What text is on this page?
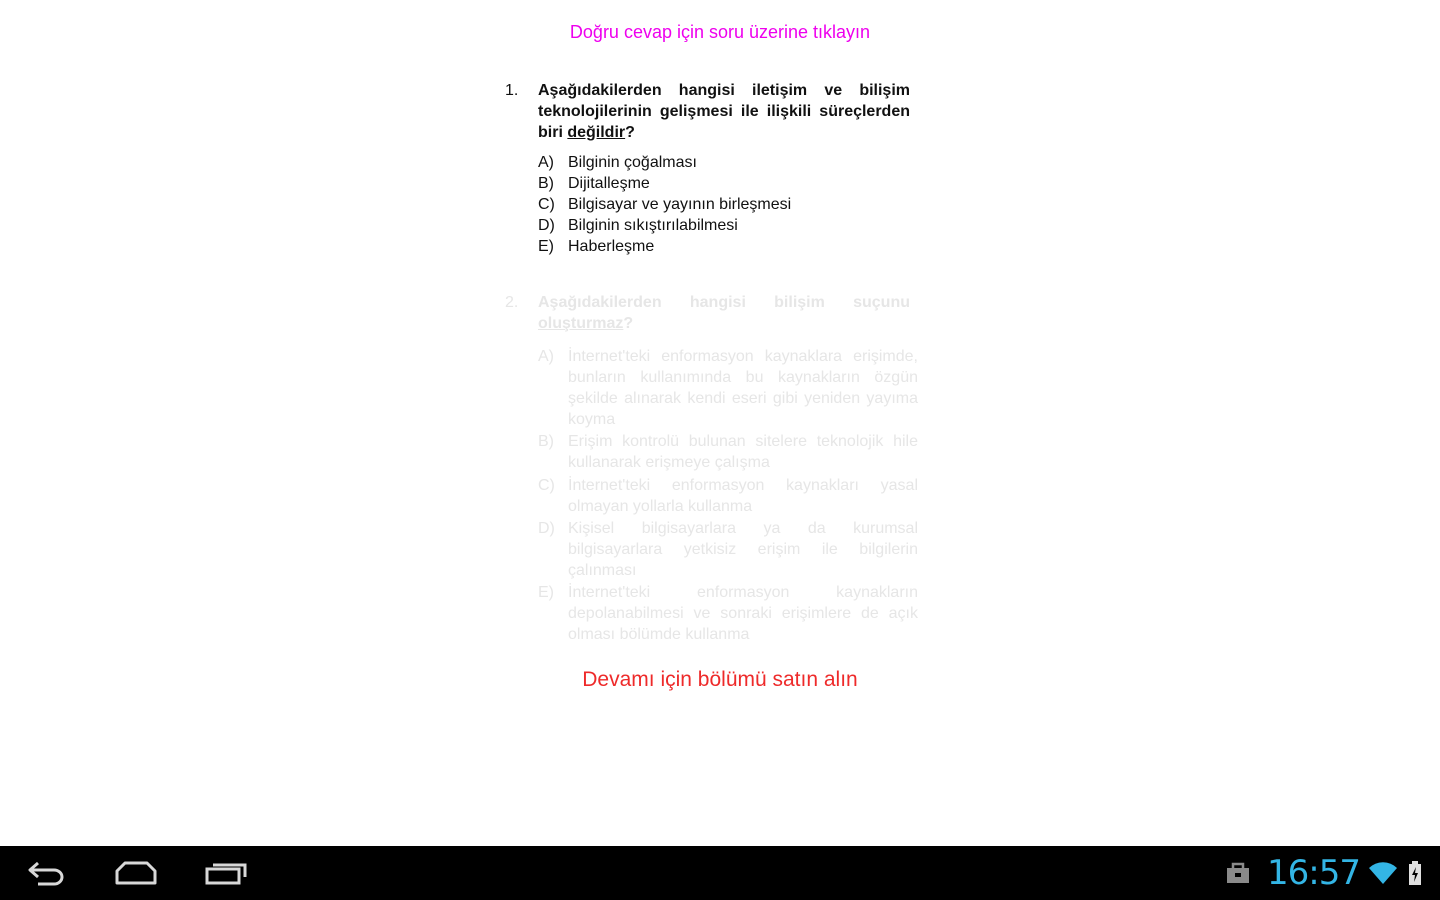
Doğru cevap için soru üzerine tıklayın
1. Aşağıdakilerden hangisi iletişim ve bilişim teknolojilerinin gelişmesi ile ilişkili süreçlerden biri değildir?
A) Bilginin çoğalması
B) Dijitalleşme
C) Bilgisayar ve yayının birleşmesi
D) Bilginin sıkıştırılabilmesi
E) Haberleşme
2. Aşağıdakilerden hangisi bilişim suçunu oluşturmaz?
A) İnternet'teki enformasyon kaynaklara erişimde, bunların kullanımında bu kaynakların özgün şekilde alınarak kendi eseri gibi yeniden yayıma koyma
B) Erişim kontrolü bulunan sitelere teknolojik hile kullanarak erişmeye çalışma
C) İnternet'teki enformasyon kaynakları yasal olmayan yollarla kullanma
D) Kişisel bilgisayarlara ya da kurumsal bilgisayarlara yetkisiz erişim ile bilgilerin çalınması
E) İnternet'teki enformasyon kaynakların depolanabilmesi ve sonraki erişimlere de açık olması bölümde kullanma
Devamı için bölümü satın alın
16:57
